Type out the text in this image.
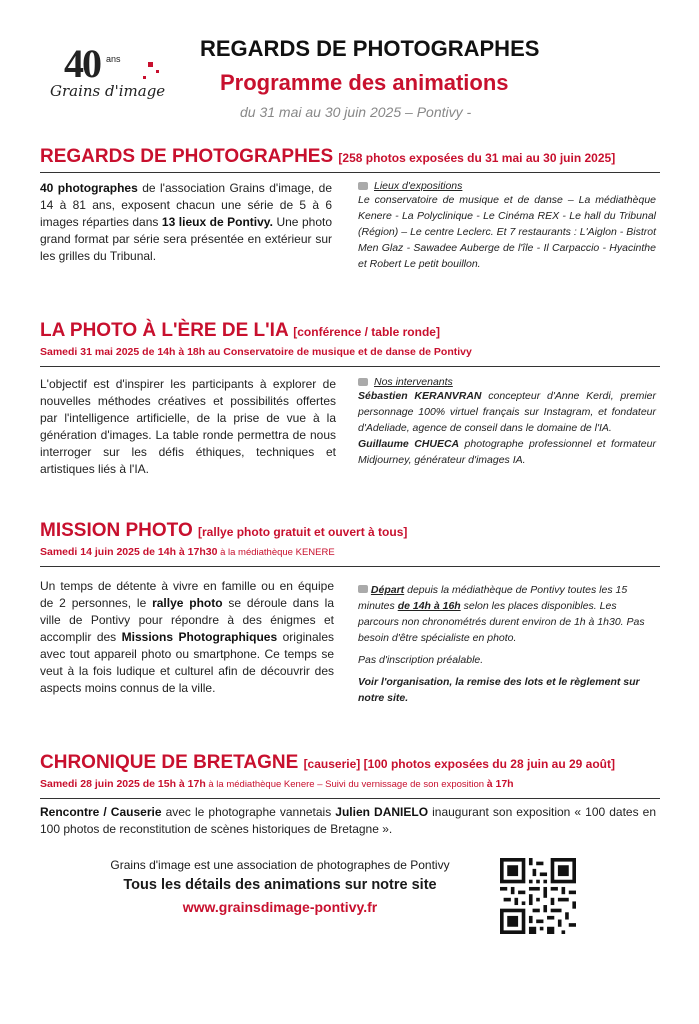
40 ans
Grains d'image
REGARDS DE PHOTOGRAPHES
Programme des animations
du 31 mai au 30 juin 2025 – Pontivy -
REGARDS DE PHOTOGRAPHES [258 photos exposées du 31 mai au 30 juin 2025]
40 photographes de l'association Grains d'image, de 14 à 81 ans, exposent chacun une série de 5 à 6 images réparties dans 13 lieux de Pontivy. Une photo grand format par série sera présentée en extérieur sur les grilles du Tribunal.
Lieux d'expositions
Le conservatoire de musique et de danse – La médiathèque Kenere - La Polyclinique - Le Cinéma REX - Le hall du Tribunal (Région) – Le centre Leclerc. Et 7 restaurants : L'Aiglon - Bistrot Men Glaz - Sawadee Auberge de l'île - Il Carpaccio - Hyacinthe et Robert Le petit bouillon.
LA PHOTO À L'ÈRE DE L'IA [conférence / table ronde]
Samedi 31 mai 2025 de 14h à 18h au Conservatoire de musique et de danse de Pontivy
L'objectif est d'inspirer les participants à explorer de nouvelles méthodes créatives et possibilités offertes par l'intelligence artificielle, de la prise de vue à la génération d'images. La table ronde permettra de nous interroger sur les défis éthiques, techniques et artistiques liés à l'IA.
Nos intervenants
Sébastien KERANVRAN concepteur d'Anne Kerdi, premier personnage 100% virtuel français sur Instagram, et fondateur d'Adeliade, agence de conseil dans le domaine de l'IA.
Guillaume CHUECA photographe professionnel et formateur Midjourney, générateur d'images IA.
MISSION PHOTO [rallye photo gratuit et ouvert à tous]
Samedi 14 juin 2025 de 14h à 17h30 à la médiathèque KENERE
Un temps de détente à vivre en famille ou en équipe de 2 personnes, le rallye photo se déroule dans la ville de Pontivy pour répondre à des énigmes et accomplir des Missions Photographiques originales avec tout appareil photo ou smartphone. Ce temps se veut à la fois ludique et culturel afin de découvrir des aspects moins connus de la ville.
Départ depuis la médiathèque de Pontivy toutes les 15 minutes de 14h à 16h selon les places disponibles. Les parcours non chronométrés durent environ de 1h à 1h30. Pas besoin d'être spécialiste en photo.
Pas d'inscription préalable.
Voir l'organisation, la remise des lots et le règlement sur notre site.
CHRONIQUE DE BRETAGNE [causerie] [100 photos exposées du 28 juin au 29 août]
Samedi 28 juin 2025 de 15h à 17h à la médiathèque Kenere – Suivi du vernissage de son exposition à 17h
Rencontre / Causerie avec le photographe vannetais Julien DANIELO inaugurant son exposition « 100 dates en 100 photos de reconstitution de scènes historiques de Bretagne ».
Grains d'image est une association de photographes de Pontivy
Tous les détails des animations sur notre site
www.grainsdimage-pontivy.fr
